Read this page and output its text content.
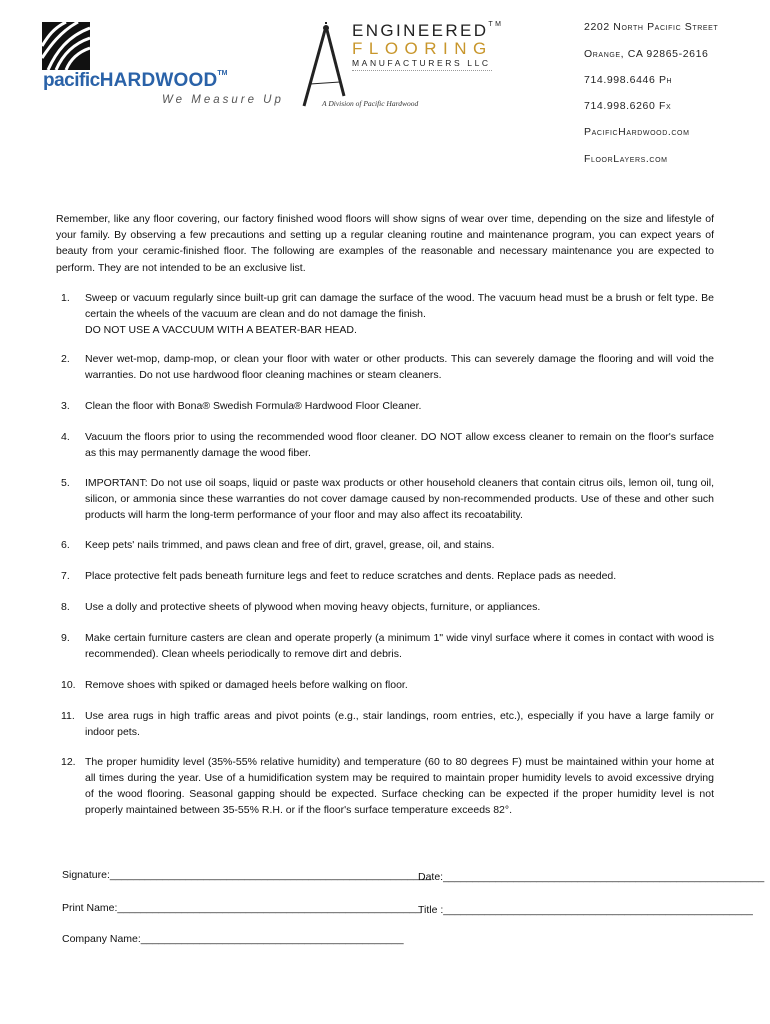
pacificHARDWOOD™
We Measure Up
ENGINEERED™
FLOORING
MANUFACTURERS LLC
A Division of Pacific Hardwood
2202 North Pacific Street
Orange, CA 92865-2616
714.998.6446 Ph
714.998.6260 Fx
PacificHardwood.com
FloorLayers.com
Remember, like any floor covering, our factory finished wood floors will show signs of wear over time, depending on the size and lifestyle of your family. By observing a few precautions and setting up a regular cleaning routine and maintenance program, you can expect years of beauty from your ceramic-finished floor. The following are examples of the reasonable and necessary maintenance you are expected to perform. They are not intended to be an exclusive list.
1.	Sweep or vacuum regularly since built-up grit can damage the surface of the wood. The vacuum head must be a brush or felt type. Be certain the wheels of the vacuum are clean and do not damage the finish.
DO NOT USE A VACCUUM WITH A BEATER-BAR HEAD.
2.	Never wet-mop, damp-mop, or clean your floor with water or other products. This can severely damage the flooring and will void the warranties. Do not use hardwood floor cleaning machines or steam cleaners.
3.	Clean the floor with Bona® Swedish Formula® Hardwood Floor Cleaner.
4.	Vacuum the floors prior to using the recommended wood floor cleaner. DO NOT allow excess cleaner to remain on the floor's surface as this may permanently damage the wood fiber.
5.	IMPORTANT: Do not use oil soaps, liquid or paste wax products or other household cleaners that contain citrus oils, lemon oil, tung oil, silicon, or ammonia since these warranties do not cover damage caused by non-recommended products. Use of these and other such products will harm the long-term performance of your floor and may also affect its recoatability.
6.	Keep pets' nails trimmed, and paws clean and free of dirt, gravel, grease, oil, and stains.
7.	Place protective felt pads beneath furniture legs and feet to reduce scratches and dents. Replace pads as needed.
8.	Use a dolly and protective sheets of plywood when moving heavy objects, furniture, or appliances.
9.	Make certain furniture casters are clean and operate properly (a minimum 1" wide vinyl surface where it comes in contact with wood is recommended). Clean wheels periodically to remove dirt and debris.
10. Remove shoes with spiked or damaged heels before walking on floor.
11. Use area rugs in high traffic areas and pivot points (e.g., stair landings, room entries, etc.), especially if you have a large family or indoor pets.
12. The proper humidity level (35%-55% relative humidity) and temperature (60 to 80 degrees F) must be maintained within your home at all times during the year. Use of a humidification system may be required to maintain proper humidity levels to avoid excessive drying of the wood flooring. Seasonal gapping should be expected. Surface checking can be expected if the proper humidity level is not properly maintained between 35-55% R.H. or if the floor's surface temperature exceeds 82°.
Signature:_______________________________________________________
Date:_______________________________________________________
Print Name:____________________________________________________
Title :_____________________________________________________
Company Name:_____________________________________________
